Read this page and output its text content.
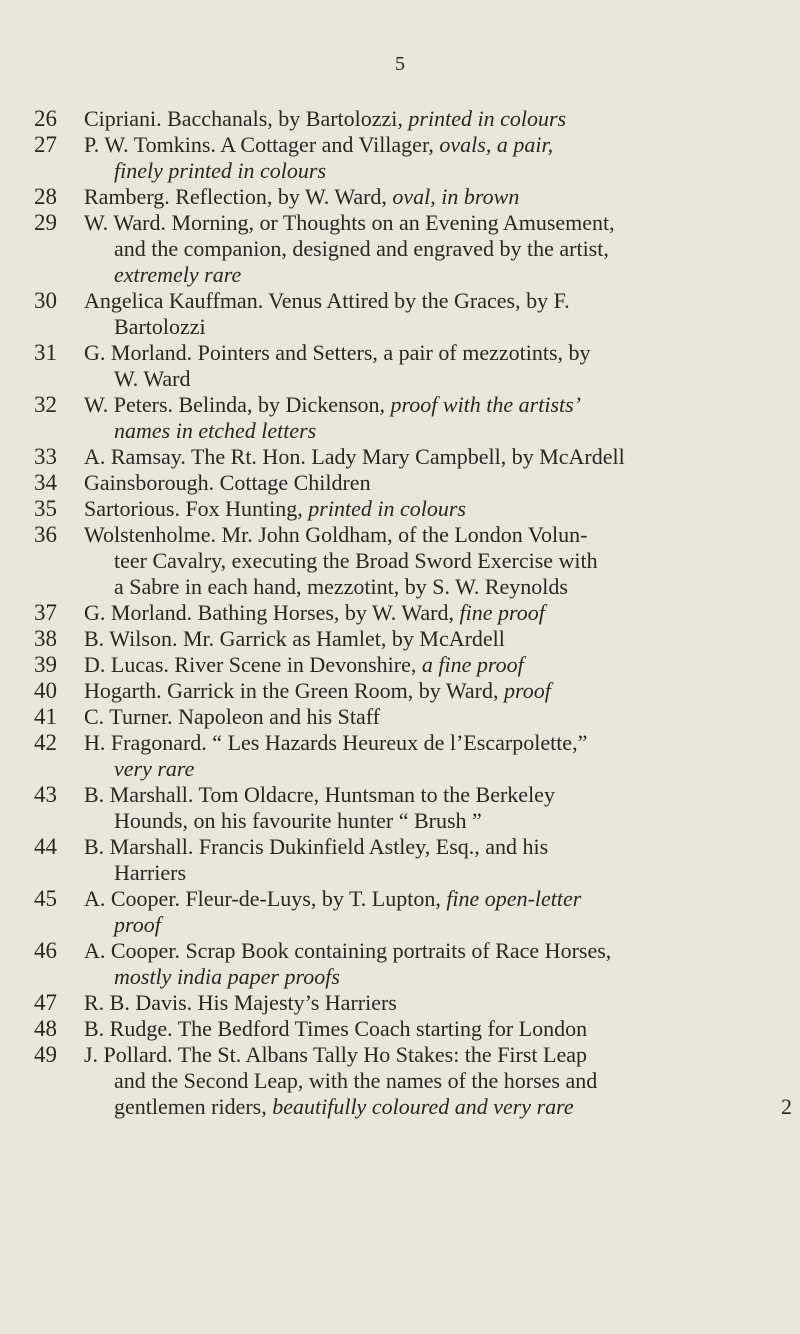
5
26	Cipriani. Bacchanals, by Bartolozzi, printed in colours
27	P. W. Tomkins. A Cottager and Villager, ovals, a pair,
finely printed in colours
28	Ramberg. Reflection, by W. Ward, oval, in brown
29	W. Ward. Morning, or Thoughts on an Evening Amusement,
and the companion, designed and engraved by the artist,
extremely rare
30	Angelica Kauffman. Venus Attired by the Graces, by F.
Bartolozzi
31	G. Morland. Pointers and Setters, a pair of mezzotints, by
W. Ward
32	W. Peters. Belinda, by Dickenson, proof with the artists’
names in etched letters
33	A. Ramsay. The Rt. Hon. Lady Mary Campbell, by McArdell
34	Gainsborough. Cottage Children
35	Sartorious. Fox Hunting, printed in colours
36	Wolstenholme. Mr. John Goldham, of the London Volun-
teer Cavalry, executing the Broad Sword Exercise with
a Sabre in each hand, mezzotint, by S. W. Reynolds
37	G. Morland. Bathing Horses, by W. Ward, fine proof
38	B. Wilson. Mr. Garrick as Hamlet, by McArdell
39	D. Lucas. River Scene in Devonshire, a fine proof
40	Hogarth. Garrick in the Green Room, by Ward, proof
41	C. Turner. Napoleon and his Staff
42	H. Fragonard. “ Les Hazards Heureux de l’Escarpolette,”
very rare
43	B. Marshall. Tom Oldacre, Huntsman to the Berkeley
Hounds, on his favourite hunter “ Brush ”
44	B. Marshall. Francis Dukinfield Astley, Esq., and his
Harriers
45	A. Cooper. Fleur-de-Luys, by T. Lupton, fine open-letter
proof
46	A. Cooper. Scrap Book containing portraits of Race Horses,
mostly india paper proofs
47	R. B. Davis. His Majesty’s Harriers
48	B. Rudge. The Bedford Times Coach starting for London
49	J. Pollard. The St. Albans Tally Ho Stakes: the First Leap
and the Second Leap, with the names of the horses and
2
gentlemen riders, beautifully coloured and very rare
